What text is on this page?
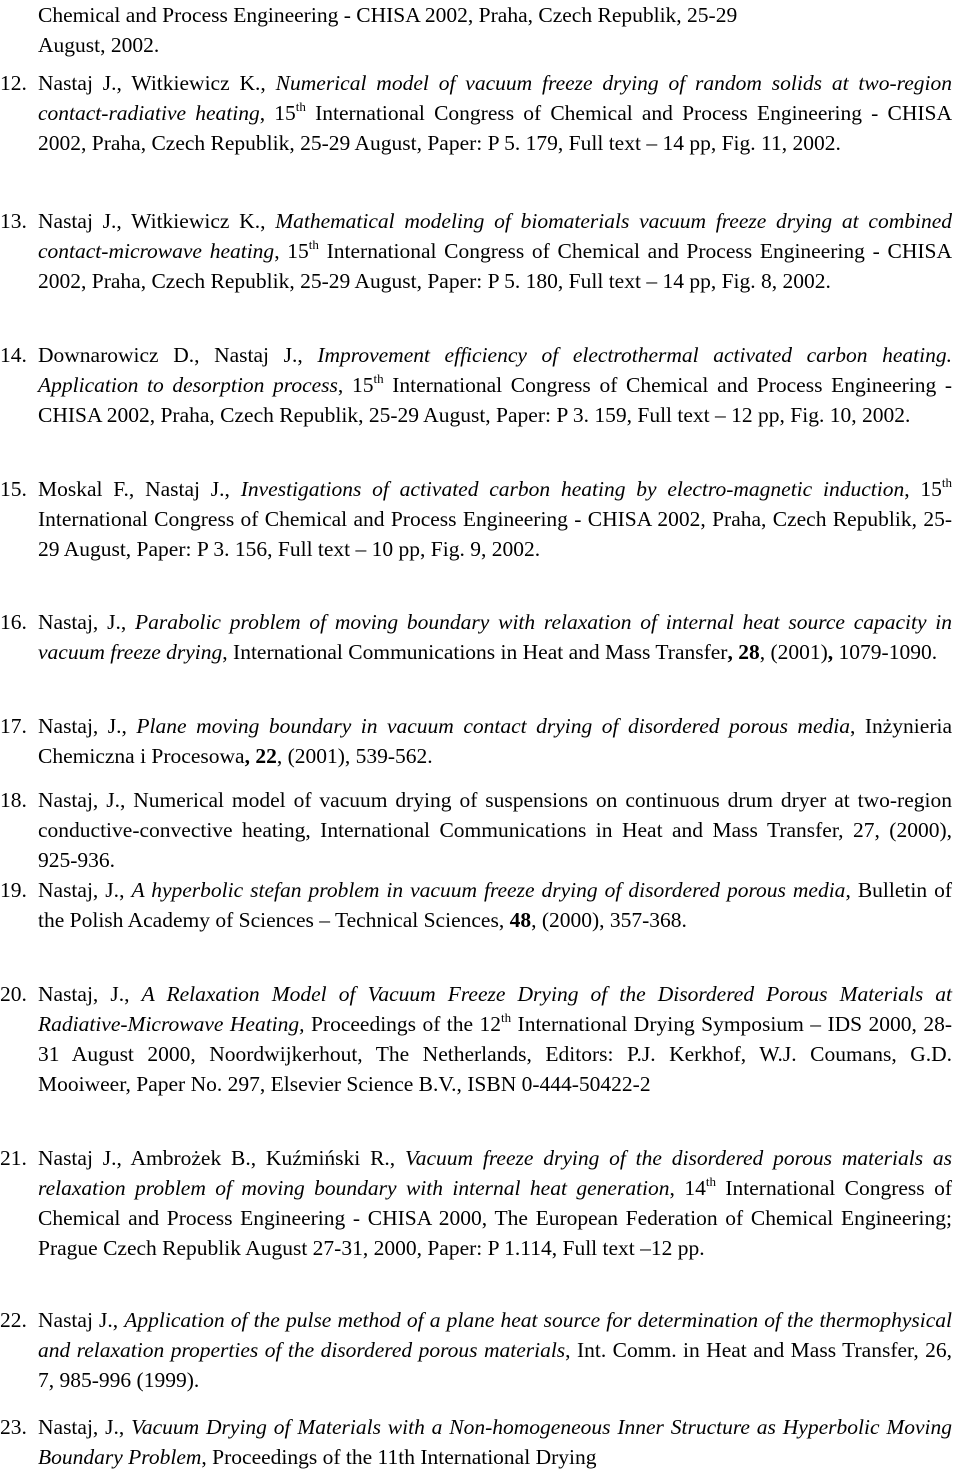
Chemical and Process Engineering - CHISA 2002, Praha, Czech Republik, 25-29
August, 2002.
12. Nastaj J., Witkiewicz K., Numerical model of vacuum freeze drying of random solids at two-region contact-radiative heating, 15th International Congress of Chemical and Process Engineering - CHISA 2002, Praha, Czech Republik, 25-29 August, Paper: P 5. 179, Full text – 14 pp, Fig. 11, 2002.
13. Nastaj J., Witkiewicz K., Mathematical modeling of biomaterials vacuum freeze drying at combined contact-microwave heating, 15th International Congress of Chemical and Process Engineering - CHISA 2002, Praha, Czech Republik, 25-29 August, Paper: P 5. 180, Full text – 14 pp, Fig. 8, 2002.
14. Downarowicz D., Nastaj J., Improvement efficiency of electrothermal activated carbon heating. Application to desorption process, 15th International Congress of Chemical and Process Engineering - CHISA 2002, Praha, Czech Republik, 25-29 August, Paper: P 3. 159, Full text – 12 pp, Fig. 10, 2002.
15. Moskal F., Nastaj J., Investigations of activated carbon heating by electro-magnetic induction, 15th International Congress of Chemical and Process Engineering - CHISA 2002, Praha, Czech Republik, 25-29 August, Paper: P 3. 156, Full text – 10 pp, Fig. 9, 2002.
16. Nastaj, J., Parabolic problem of moving boundary with relaxation of internal heat source capacity in vacuum freeze drying, International Communications in Heat and Mass Transfer, 28, (2001), 1079-1090.
17. Nastaj, J., Plane moving boundary in vacuum contact drying of disordered porous media, Inżynieria Chemiczna i Procesowa, 22, (2001), 539-562.
18. Nastaj, J., Numerical model of vacuum drying of suspensions on continuous drum dryer at two-region conductive-convective heating, International Communications in Heat and Mass Transfer, 27, (2000), 925-936.
19. Nastaj, J., A hyperbolic stefan problem in vacuum freeze drying of disordered porous media, Bulletin of the Polish Academy of Sciences – Technical Sciences, 48, (2000), 357-368.
20. Nastaj, J., A Relaxation Model of Vacuum Freeze Drying of the Disordered Porous Materials at Radiative-Microwave Heating, Proceedings of the 12th International Drying Symposium – IDS 2000, 28-31 August 2000, Noordwijkerhout, The Netherlands, Editors: P.J. Kerkhof, W.J. Coumans, G.D. Mooiweer, Paper No. 297, Elsevier Science B.V., ISBN 0-444-50422-2
21. Nastaj J., Ambrożek B., Kuźmiński R., Vacuum freeze drying of the disordered porous materials as relaxation problem of moving boundary with internal heat generation, 14th International Congress of Chemical and Process Engineering - CHISA 2000, The European Federation of Chemical Engineering; Prague Czech Republik August 27-31, 2000, Paper: P 1.114, Full text –12 pp.
22. Nastaj J., Application of the pulse method of a plane heat source for determination of the thermophysical and relaxation properties of the disordered porous materials, Int. Comm. in Heat and Mass Transfer, 26, 7, 985-996 (1999).
23. Nastaj, J., Vacuum Drying of Materials with a Non-homogeneous Inner Structure as Hyperbolic Moving Boundary Problem, Proceedings of the 11th International Drying
